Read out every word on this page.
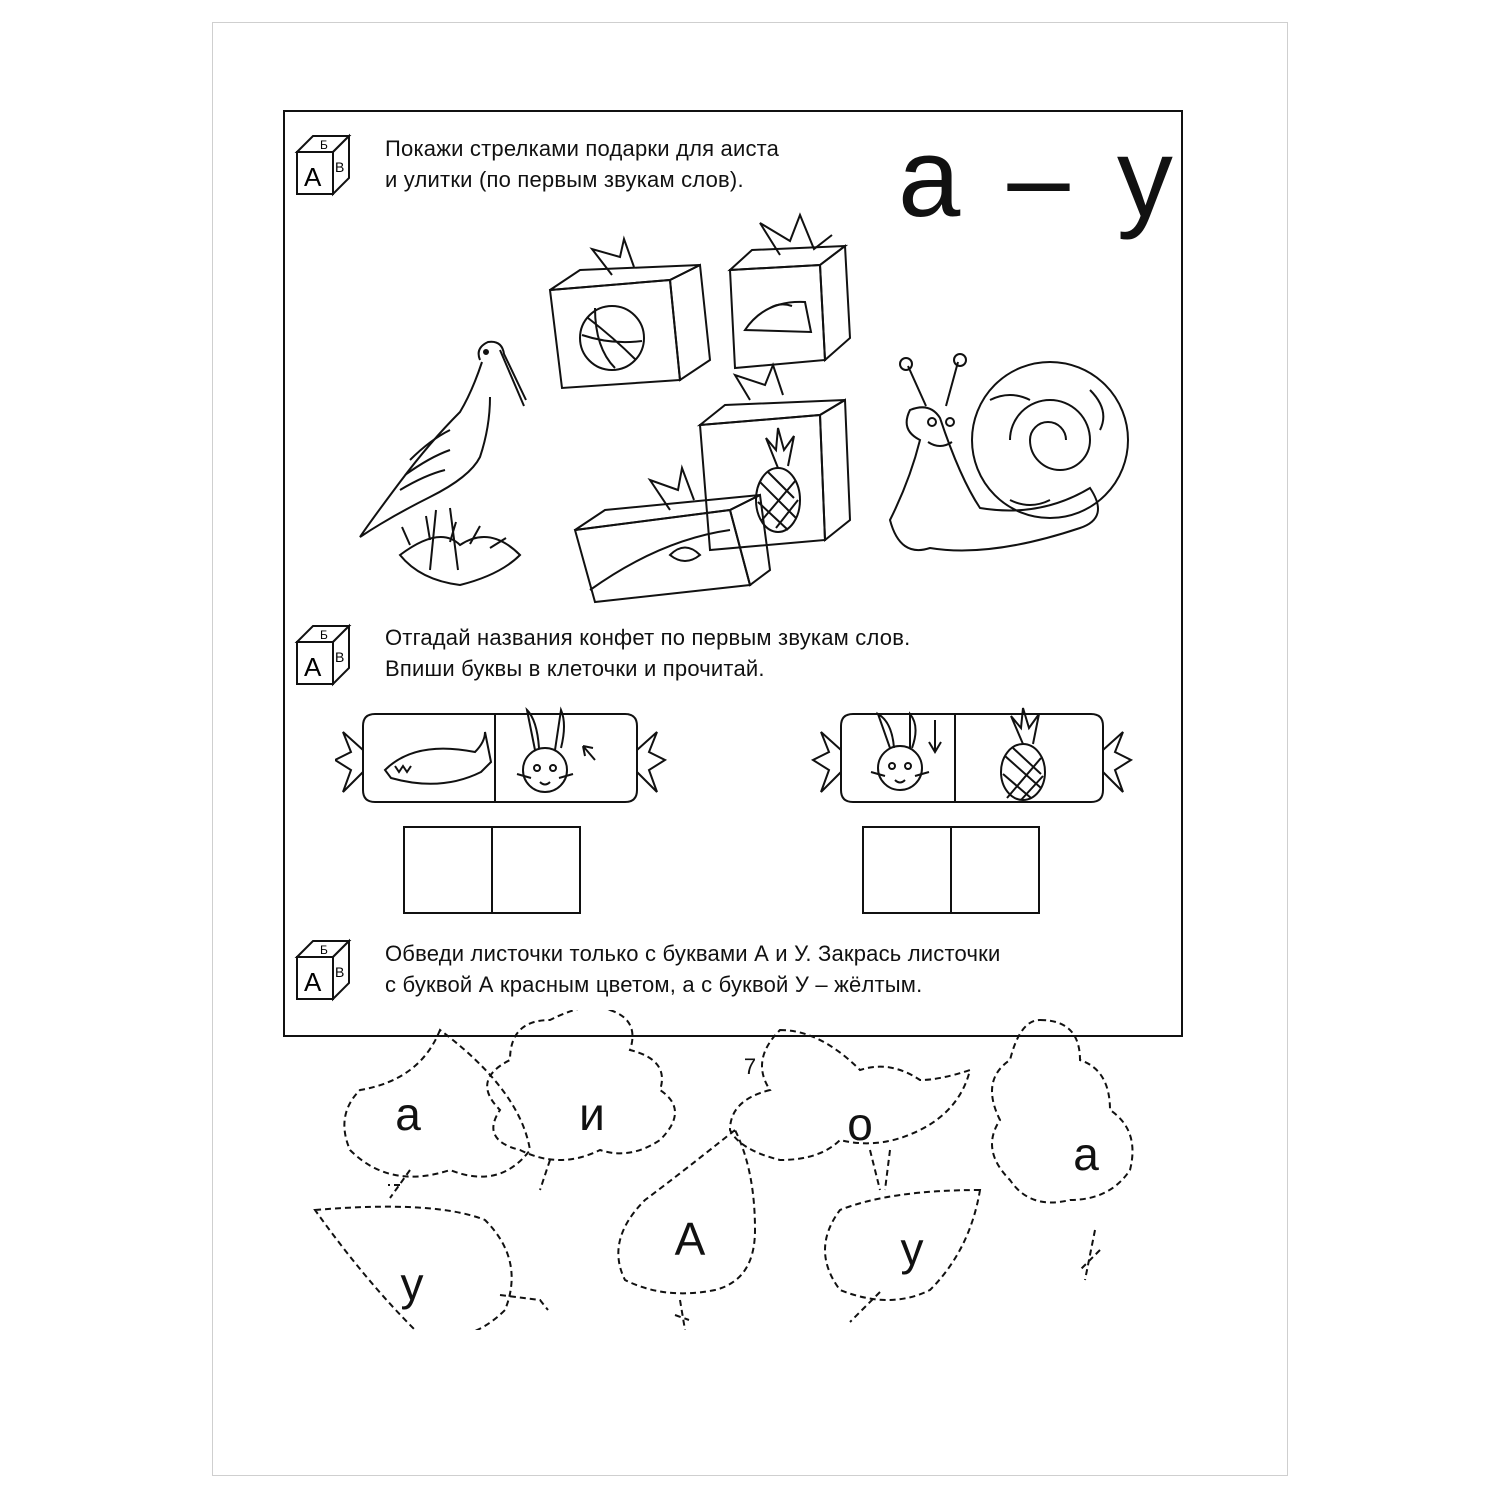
А
Б
В
А
Б
В
А
Б
В
Покажи стрелками подарки для аиста
и улитки (по первым звукам слов).	а – у
Отгадай названия конфет по первым звукам слов.
Впиши буквы в клеточки и прочитай.
Обведи листочки только с буквами А и У. Закрась листочки
с буквой А красным цветом, а с буквой У – жёлтым.
а	и	о
а
у
А	у
7
